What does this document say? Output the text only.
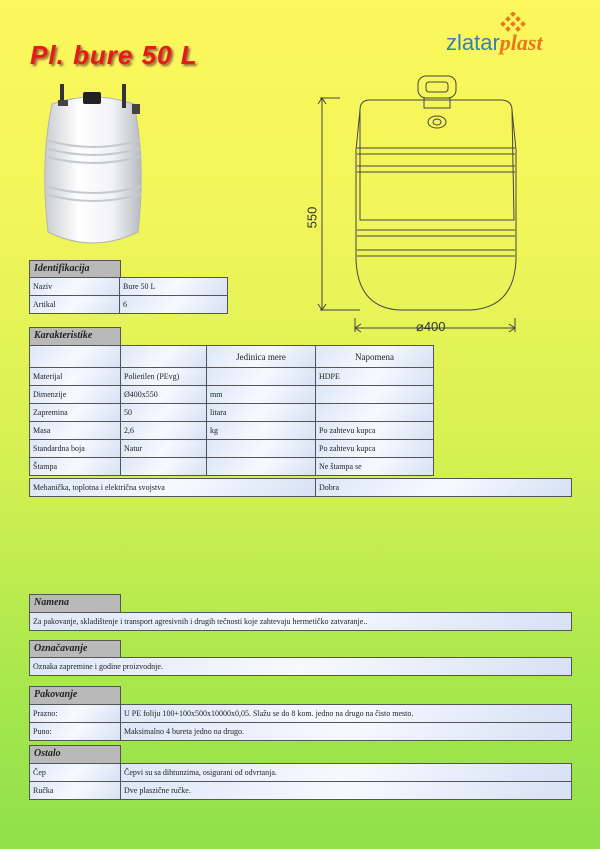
Pl. bure 50 L	zlatarplast
550
⌀400
Identifikacija
Naziv	Bure 50 L
Artikal	6
Karakteristike
		Jedinica mere	Napomena
Materijal	Polietilen (PEvg)		HDPE
Dimenzije	Ø400x550	mm	
Zapremina	50	litara	
Masa	2,6	kg	Po zahtevu kupca
Standardna boja	Natur		Po zahtevu kupca
Štampa			Ne štampa se
Mehanička, toplotna i električna svojstva	Dobra
Namena
Za pakovanje, skladištenje i transport agresivnih i drugih tečnosti koje zahtevaju hermetičko zatvaranje..
Označavanje
Oznaka zapremine i godine proizvodnje.
Pakovanje
Prazno:	U PE foliju 100+100x500x10000x0,05. Slažu se do 8 kom. jedno na drugo na čisto mesto.
Puno:	Maksimalno 4 bureta jedno na drugo.
Ostalo
Čep	Čepvi su sa dihtunzima, osigurani od odvrtanja.
Ručka	Dve plaszične ručke.
